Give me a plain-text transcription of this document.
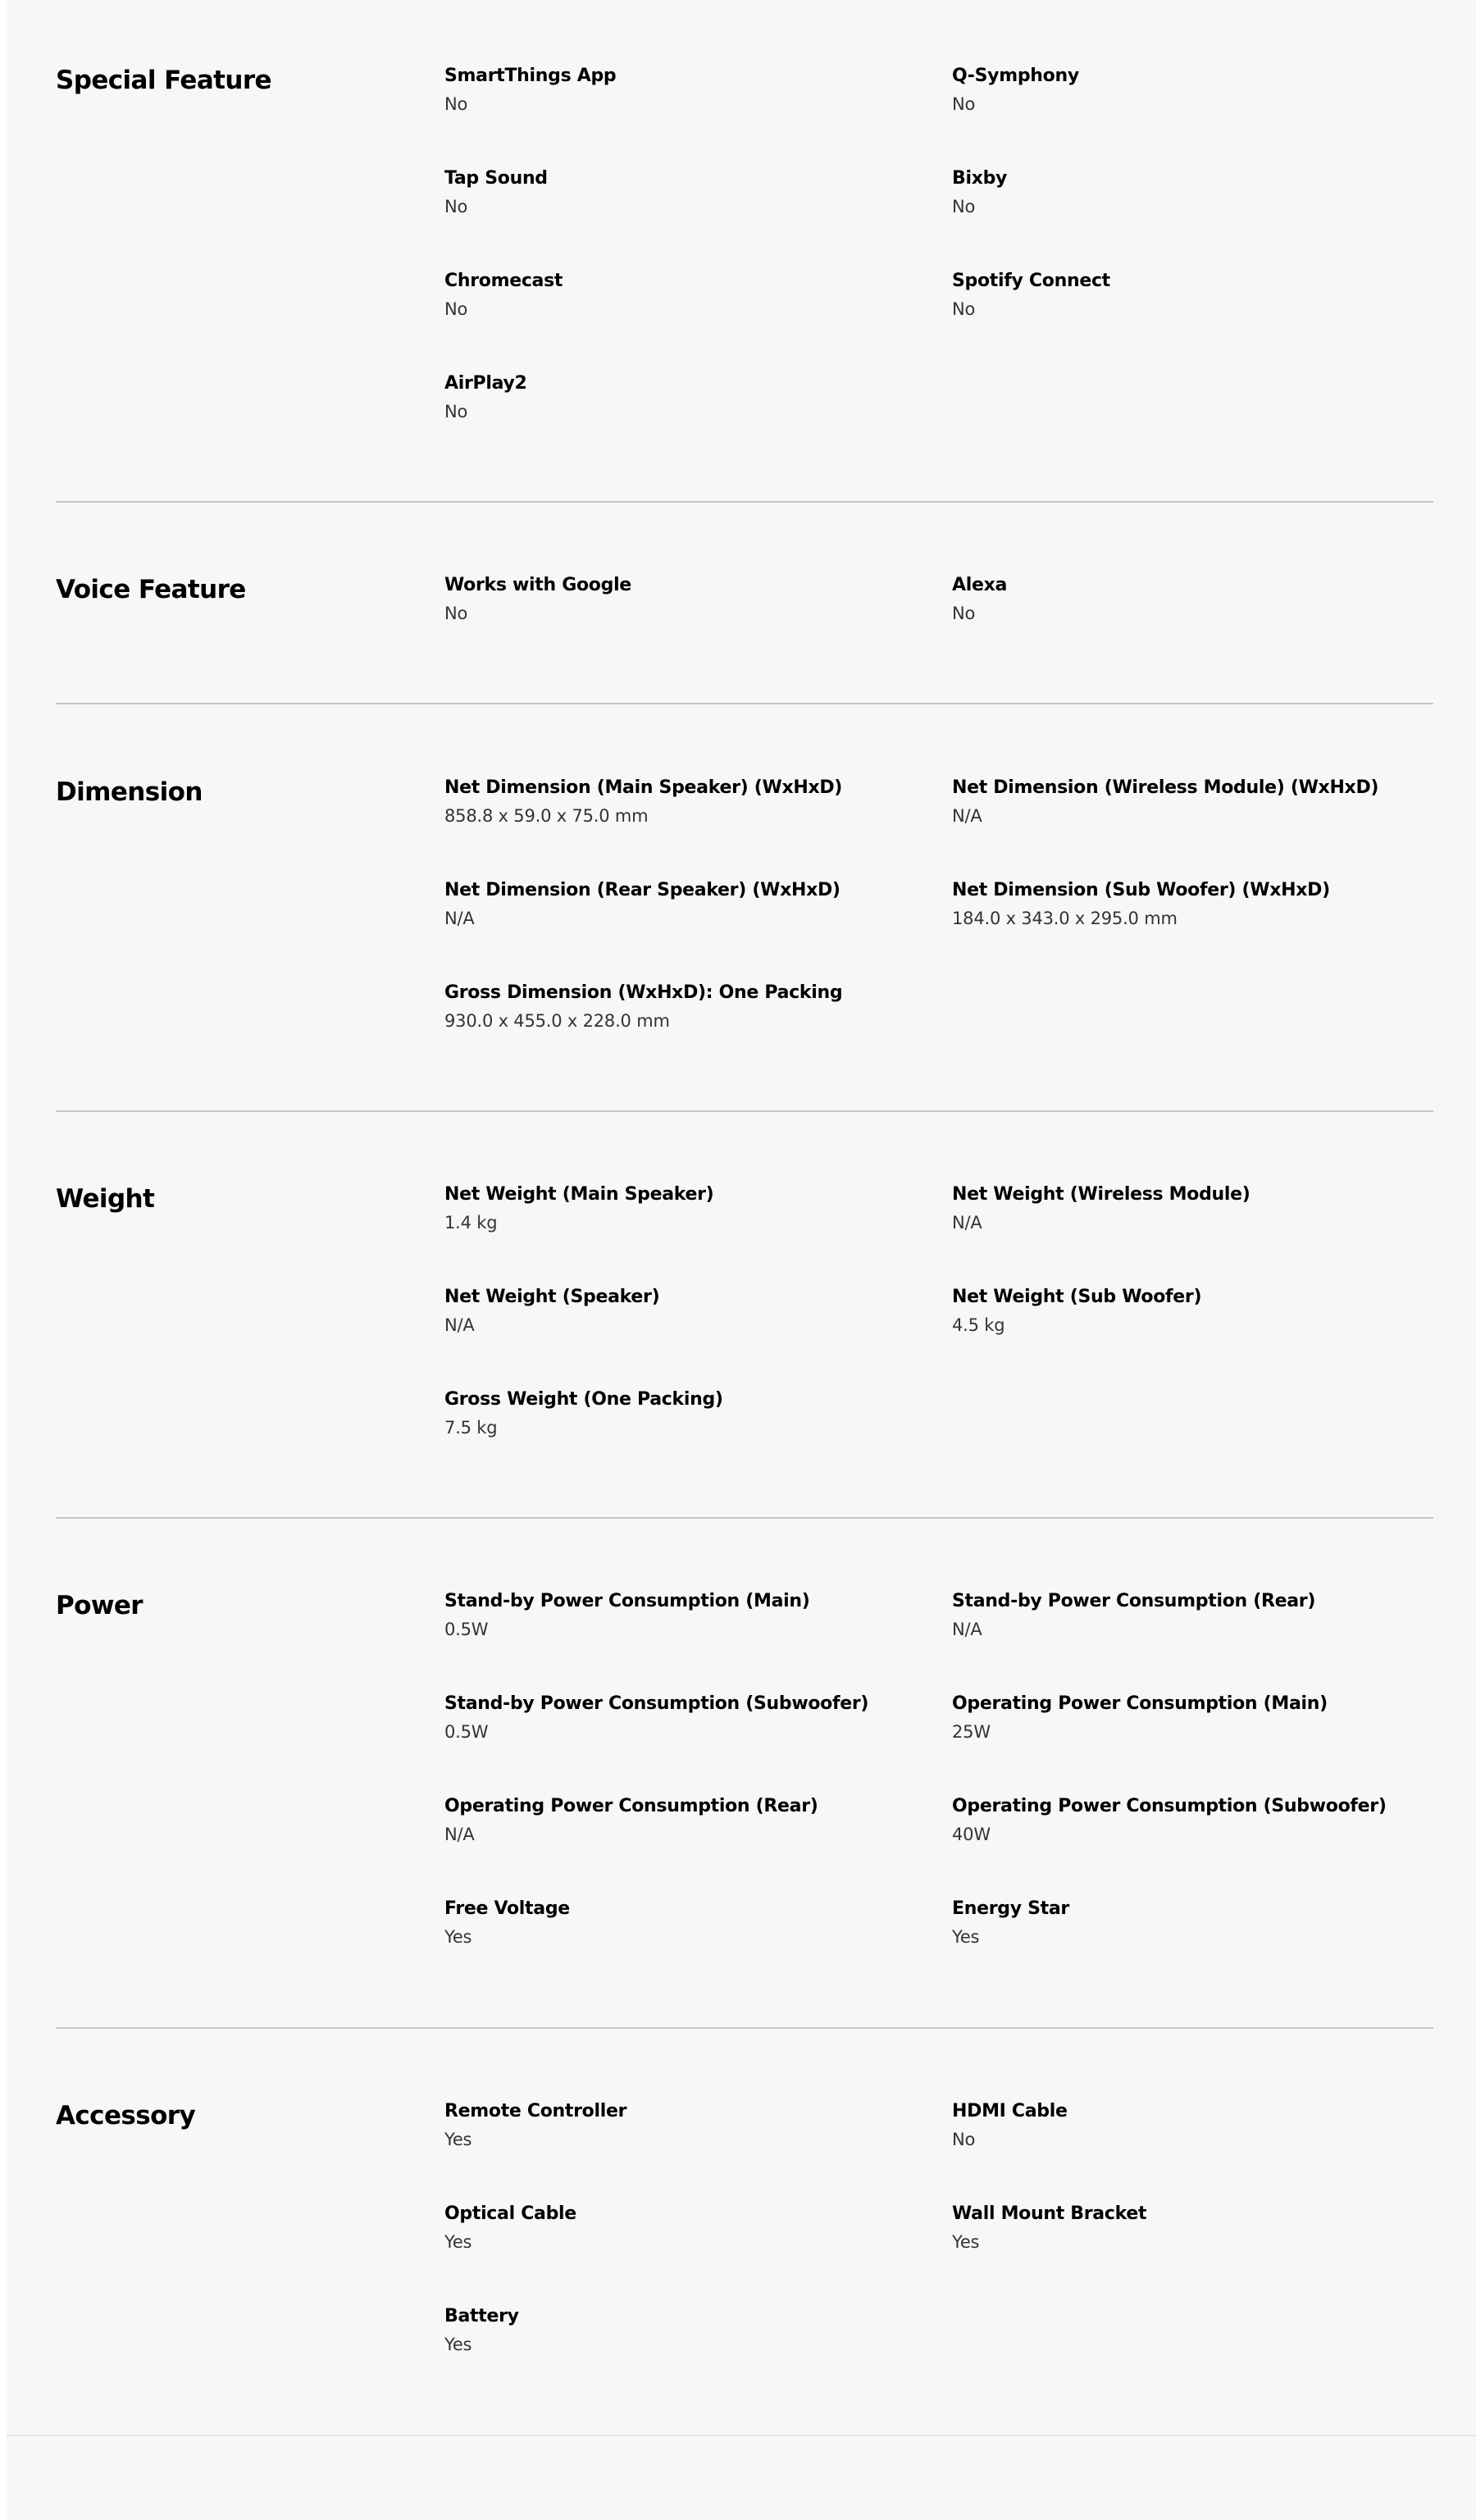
Special Feature	SmartThings App
No
Q-Symphony
No
Tap Sound
No
Bixby
No
Chromecast
No
Spotify Connect
No
AirPlay2
No
Voice Feature	Works with Google
No
Alexa
No
Dimension	Net Dimension (Main Speaker) (WxHxD)
858.8 x 59.0 x 75.0 mm
Net Dimension (Wireless Module) (WxHxD)
N/A
Net Dimension (Rear Speaker) (WxHxD)
N/A
Net Dimension (Sub Woofer) (WxHxD)
184.0 x 343.0 x 295.0 mm
Gross Dimension (WxHxD): One Packing
930.0 x 455.0 x 228.0 mm
Weight	Net Weight (Main Speaker)
1.4 kg
Net Weight (Wireless Module)
N/A
Net Weight (Speaker)
N/A
Net Weight (Sub Woofer)
4.5 kg
Gross Weight (One Packing)
7.5 kg
Power	Stand-by Power Consumption (Main)
0.5W
Stand-by Power Consumption (Rear)
N/A
Stand-by Power Consumption (Subwoofer)
0.5W
Operating Power Consumption (Main)
25W
Operating Power Consumption (Rear)
N/A
Operating Power Consumption (Subwoofer)
40W
Free Voltage
Yes
Energy Star
Yes
Accessory	Remote Controller
Yes
HDMI Cable
No
Optical Cable
Yes
Wall Mount Bracket
Yes
Battery
Yes
